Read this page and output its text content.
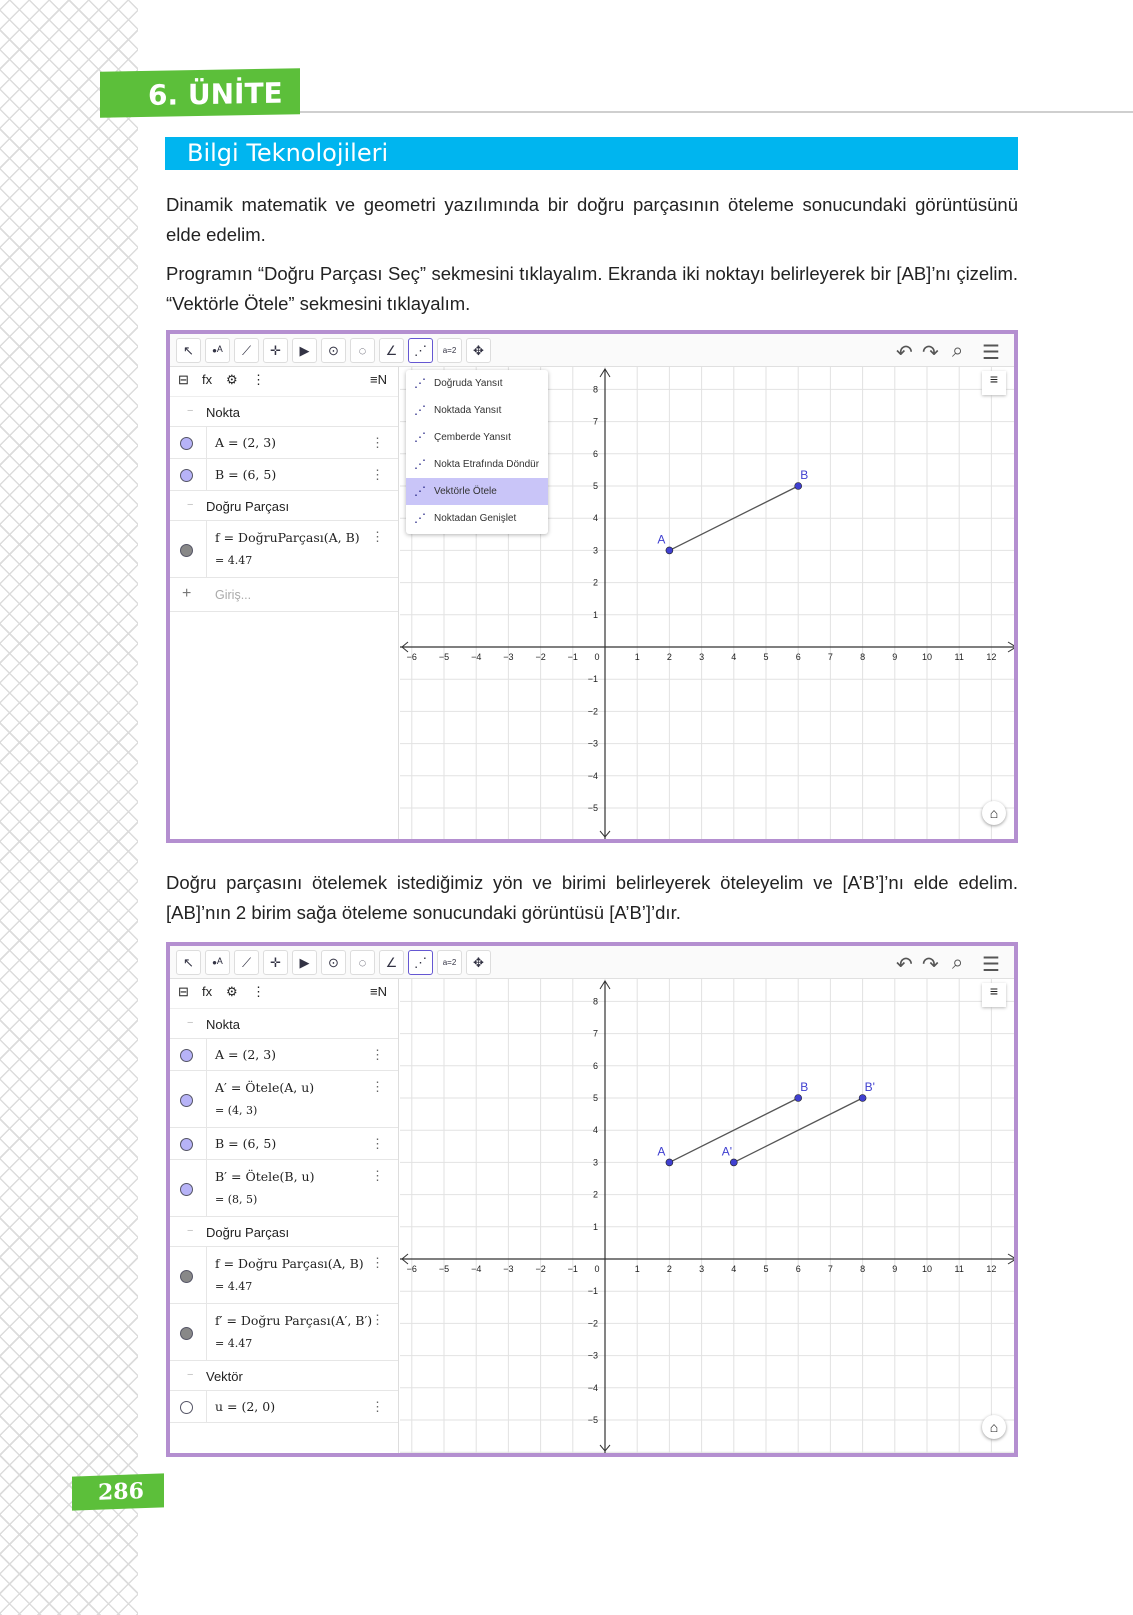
6. ÜNİTE
Bilgi Teknolojileri

Dinamik matematik ve geometri yazılımında bir doğru parçasının öteleme sonucundaki görüntüsünü elde edelim.

Programın “Doğru Parçası Seç” sekmesini tıklayalım. Ekranda iki noktayı belirleyerek bir [AB]’nı çizelim. “Vektörle Ötele” sekmesini tıklayalım.

↖	•ᴬ	⟋	✛	▶	⊙	◌	∠	⋰	a=2	✥	↶ ↷ ⌕ ☰
⊟ fx ⚙ ⋮	≡N
− Nokta
A = (2, 3)	⋮
B = (6, 5)	⋮
− Doğru Parçası
f = DoğruParçası(A, B)
= 4.47
⋮
Giriş...
+
−6 −5 −4 −3 −2 −1 0	1	2	3	4	5	6	7	8	9	10	11	12
−5
−4
−3
−2
−1
1
2
3
4
5
6
7
8
A
B
⌂
≡
⋰ Doğruda Yansıt
⋰ Noktada Yansıt
⋰ Çemberde Yansıt
⋰ Nokta Etrafında Döndür
⋰ Vektörle Ötele
⋰ Noktadan Genişlet

Doğru parçasını ötelemek istediğimiz yön ve birimi belirleyerek öteleyelim ve [A’B’]’nı elde edelim. [AB]’nın 2 birim sağa öteleme sonucundaki görüntüsü [A’B’]’dır.

↖	•ᴬ	⟋	✛	▶	⊙	◌	∠	⋰	a=2	✥	↶ ↷ ⌕ ☰
⊟ fx ⚙ ⋮	≡N
− Nokta
A = (2, 3)	⋮
A′ = Ötele(A, u)
= (4, 3)
⋮
B = (6, 5)	⋮
B′ = Ötele(B, u)
= (8, 5)
⋮
− Doğru Parçası
f = Doğru Parçası(A, B)
= 4.47
⋮
f′ = Doğru Parçası(A′, B′)
= 4.47
⋮
− Vektör
u = (2, 0)	⋮
−6 −5 −4 −3 −2 −1 0	1	2	3	4	5	6	7	8	9	10	11	12
−5
−4
−3
−2
−1
1
2
3
4
5
6
7
8
A
B
A'
B'
⌂
≡
286
